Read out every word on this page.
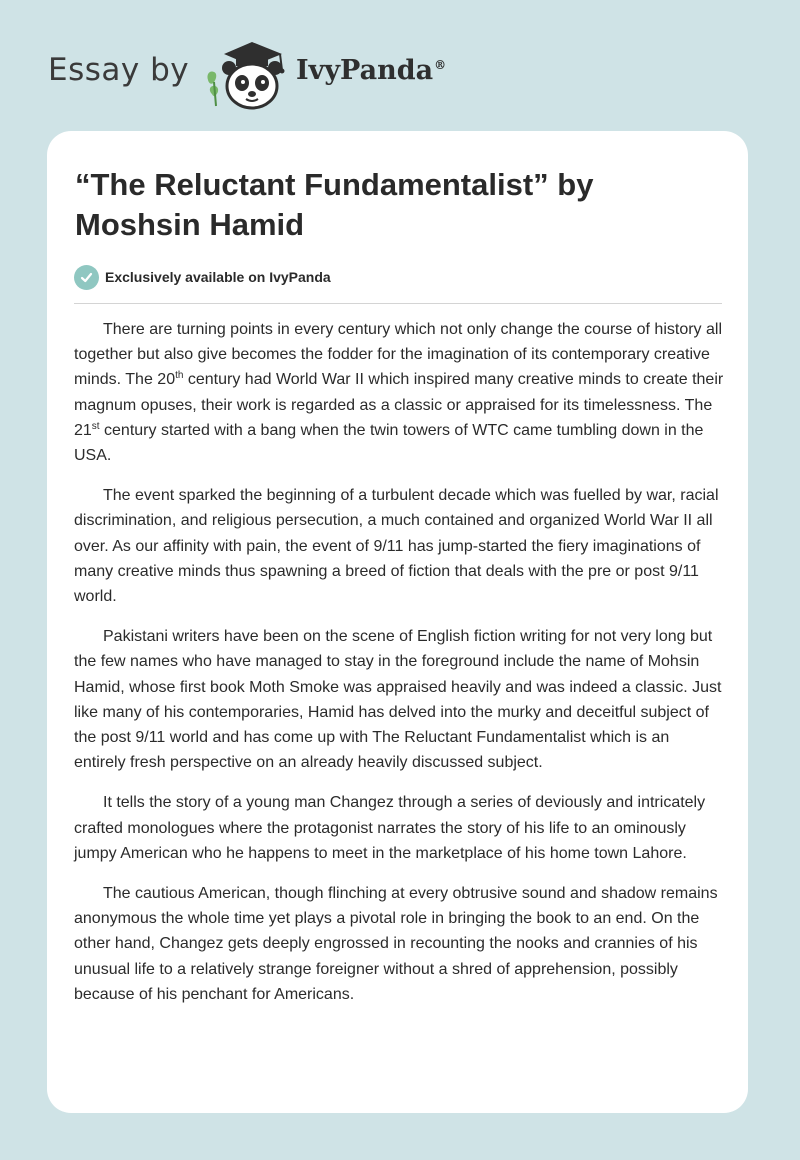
Essay by	IvyPanda®
“The Reluctant Fundamentalist” by Moshsin Hamid
Exclusively available on IvyPanda

There are turning points in every century which not only change the course of history all together but also give becomes the fodder for the imagination of its contemporary creative minds. The 20th century had World War II which inspired many creative minds to create their magnum opuses, their work is regarded as a classic or appraised for its timelessness. The 21st century started with a bang when the twin towers of WTC came tumbling down in the USA.

The event sparked the beginning of a turbulent decade which was fuelled by war, racial discrimination, and religious persecution, a much contained and organized World War II all over. As our affinity with pain, the event of 9/11 has jump-started the fiery imaginations of many creative minds thus spawning a breed of fiction that deals with the pre or post 9/11 world.

Pakistani writers have been on the scene of English fiction writing for not very long but the few names who have managed to stay in the foreground include the name of Mohsin Hamid, whose first book Moth Smoke was appraised heavily and was indeed a classic. Just like many of his contemporaries, Hamid has delved into the murky and deceitful subject of the post 9/11 world and has come up with The Reluctant Fundamentalist which is an entirely fresh perspective on an already heavily discussed subject.

It tells the story of a young man Changez through a series of deviously and intricately crafted monologues where the protagonist narrates the story of his life to an ominously jumpy American who he happens to meet in the marketplace of his home town Lahore.

The cautious American, though flinching at every obtrusive sound and shadow remains anonymous the whole time yet plays a pivotal role in bringing the book to an end. On the other hand, Changez gets deeply engrossed in recounting the nooks and crannies of his unusual life to a relatively strange foreigner without a shred of apprehension, possibly because of his penchant for Americans.
